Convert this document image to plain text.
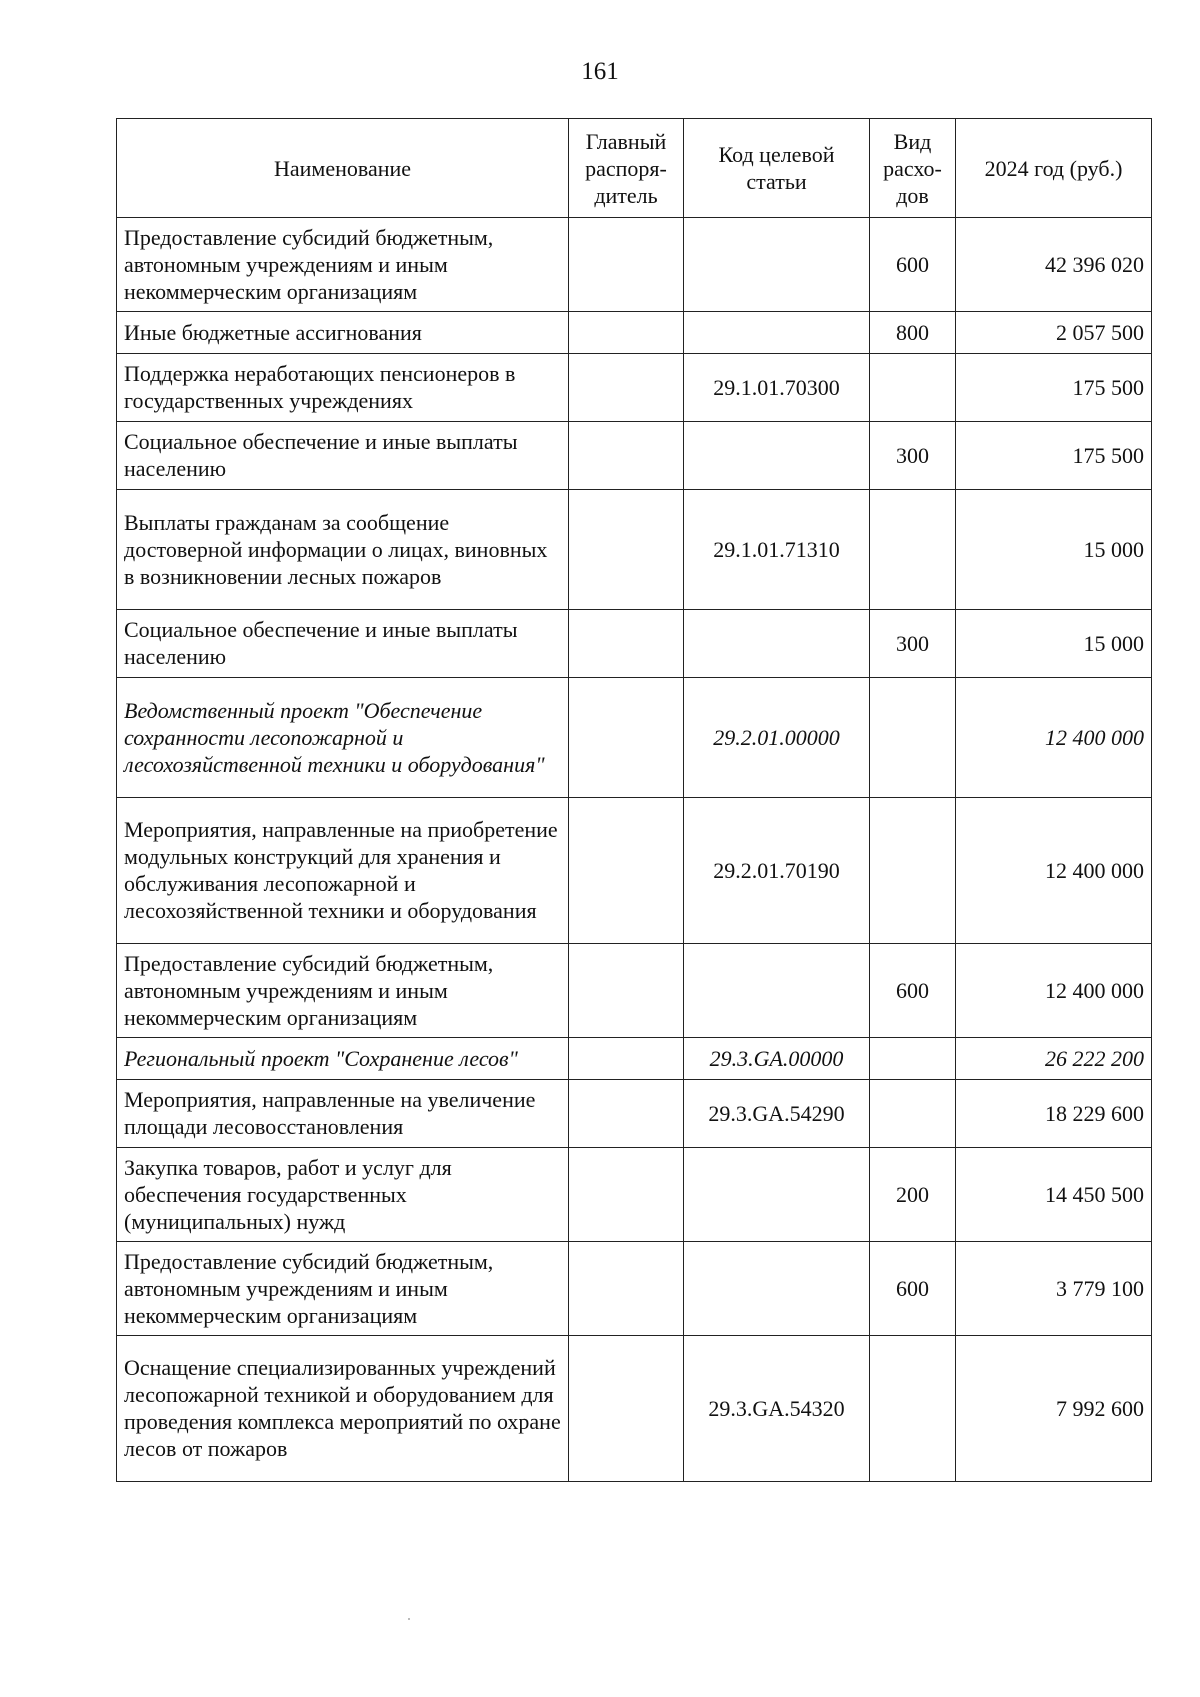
161
Наименование	Главный распоря-дитель	Код целевой статьи	Вид расхо-дов	2024 год (руб.)
Предоставление субсидий бюджетным, автономным учреждениям и иным некоммерческим организациям			600	42 396 020
Иные бюджетные ассигнования			800	2 057 500
Поддержка неработающих пенсионеров в государственных учреждениях		29.1.01.70300		175 500
Социальное обеспечение и иные выплаты населению			300	175 500
Выплаты гражданам за сообщение достоверной информации о лицах, виновных в возникновении лесных пожаров		29.1.01.71310		15 000
Социальное обеспечение и иные выплаты населению			300	15 000
Ведомственный проект "Обеспечение сохранности лесопожарной и лесохозяйственной техники и оборудования"		29.2.01.00000		12 400 000
Мероприятия, направленные на приобретение модульных конструкций для хранения и обслуживания лесопожарной и лесохозяйственной техники и оборудования		29.2.01.70190		12 400 000
Предоставление субсидий бюджетным, автономным учреждениям и иным некоммерческим организациям			600	12 400 000
Региональный проект "Сохранение лесов"		29.3.GA.00000		26 222 200
Мероприятия, направленные на увеличение площади лесовосстановления		29.3.GA.54290		18 229 600
Закупка товаров, работ и услуг для обеспечения государственных (муниципальных) нужд			200	14 450 500
Предоставление субсидий бюджетным, автономным учреждениям и иным некоммерческим организациям			600	3 779 100
Оснащение специализированных учреждений лесопожарной техникой и оборудованием для проведения комплекса мероприятий по охране лесов от пожаров		29.3.GA.54320		7 992 600
